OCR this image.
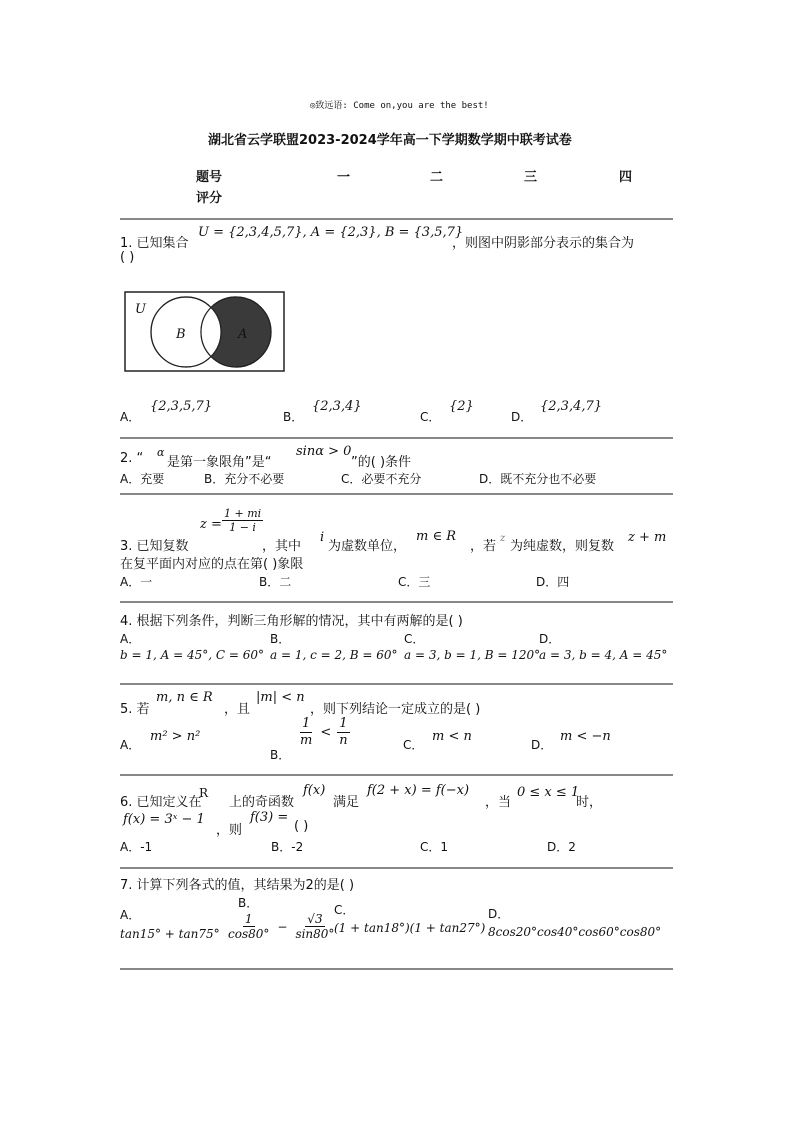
◎致远语: Come on,you are the best!
湖北省云学联盟2023-2024学年高一下学期数学期中联考试卷
题号
评分
一	二	三	四
1. 已知集合
U = {2,3,4,5,7}, A = {2,3}, B = {3,5,7}
，则图中阴影部分表示的集合为
( )
U
B	A
A．
{2,3,5,7}
B．
{2,3,4}
C．
{2}
D．
{2,3,4,7}
2. “ α
是第一象限角”是“
sinα > 0
”的( )条件
A．充要	B．充分不必要	C．必要不充分	D．既不充分也不必要
$z = \frac{1 + mi}{1 - i}$
3. 已知复数	，其中
i
为虚数单位，
m ∈ R
，若
z
为纯虚数，则复数
z + m
在复平面内对应的点在第( )象限
A．一	B．二	C．三	D．四
4. 根据下列条件，判断三角形解的情况，其中有两解的是( )
A．
b = 1, A = 45°, C = 60°
B．
a = 1, c = 2, B = 60°
C．
a = 3, b = 1, B = 120°
D．
a = 3, b = 4, A = 45°
5. 若
m, n ∈ R
，且
|m| < n
，则下列结论一定成立的是( )
A．
m² > n²
B．
$\frac{1}{m} < \frac{1}{n}$	C．
m < n
D．
m < −n
6. 已知定义在
R
上的奇函数
f(x)
满足
f(2 + x) = f(−x)
，当
0 ≤ x ≤ 1
时，
f(x) = 3ˣ − 1
，则
f(3) =
( )
A．-1	B．-2	C．1	D．2
7. 计算下列各式的值，其结果为2的是( )
A．
tan15° + tan75°
B．
$\frac{1}{\cos 80^\circ} - \frac{√3}{\sin 80^\circ}$
C．
(1 + tan18°)(1 + tan27°)
D．
8cos20°cos40°cos60°cos80°
